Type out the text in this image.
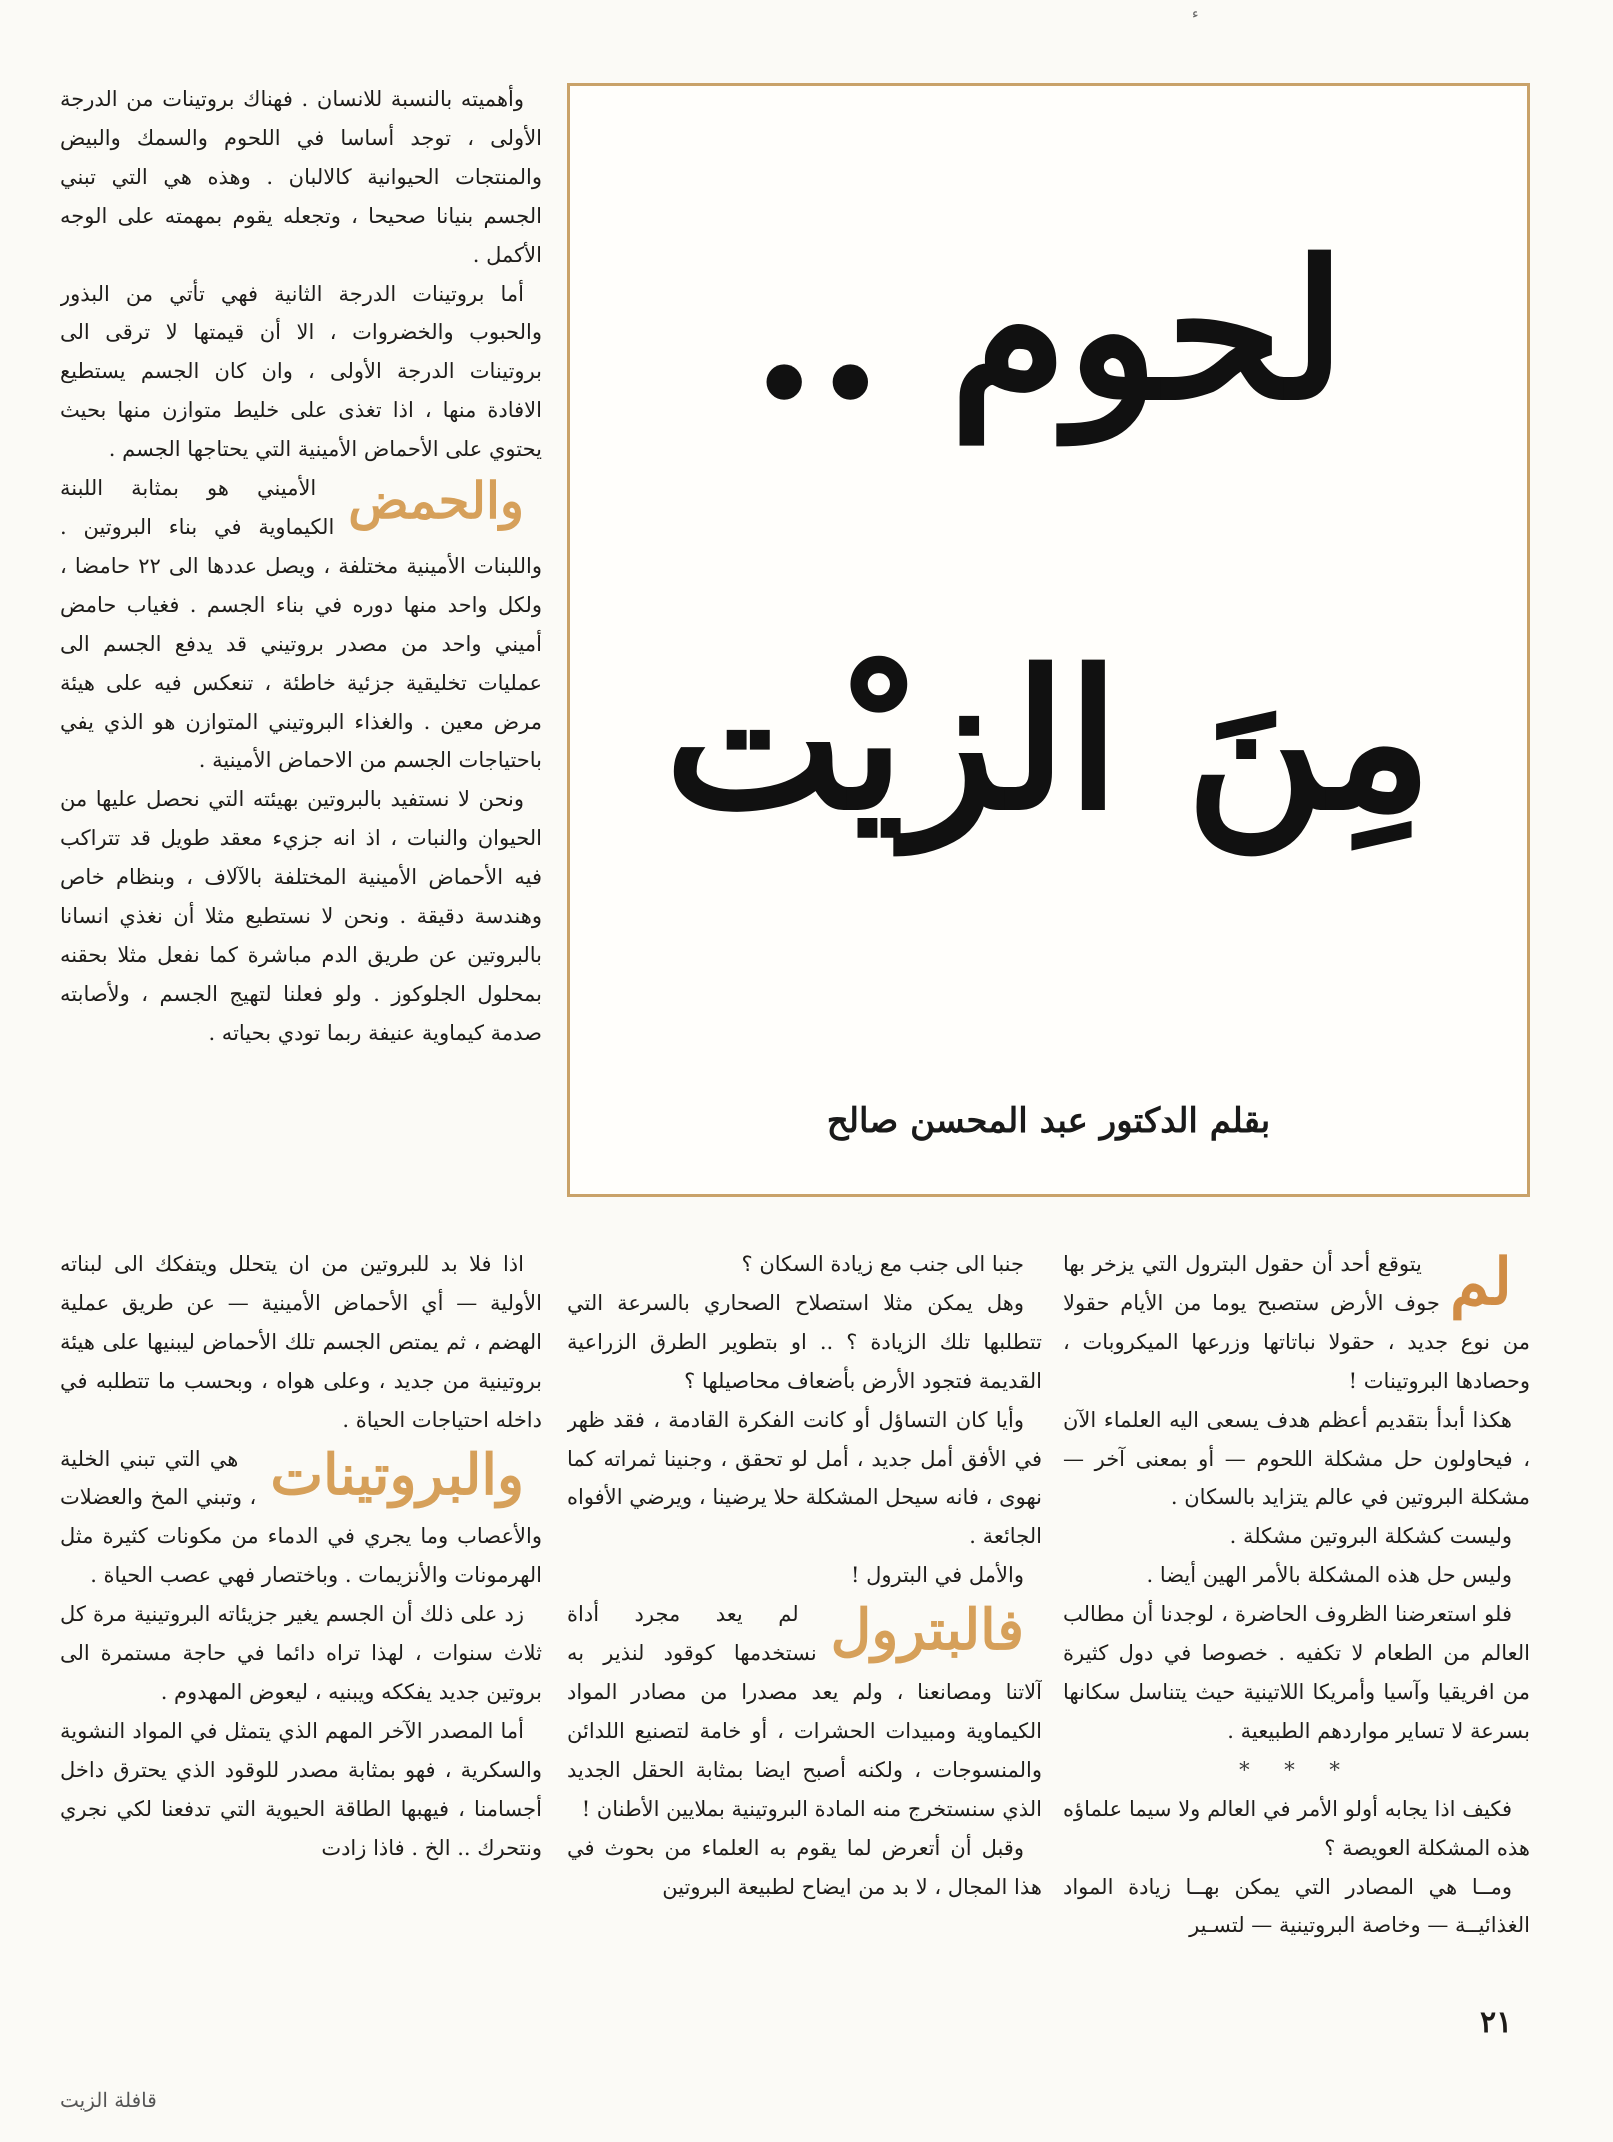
ء

وأهميته بالنسبة للانسان . فهناك بروتينات من الدرجة الأولى ، توجد أساسا في اللحوم والسمك والبيض والمنتجات الحيوانية كالالبان . وهذه هي التي تبني الجسم بنيانا صحيحا ، وتجعله يقوم بمهمته على الوجه الأكمل .

أما بروتينات الدرجة الثانية فهي تأتي من البذور والحبوب والخضروات ، الا أن قيمتها لا ترقى الى بروتينات الدرجة الأولى ، وان كان الجسم يستطيع الافادة منها ، اذا تغذى على خليط متوازن منها بحيث يحتوي على الأحماض الأمينية التي يحتاجها الجسم .

والحمض
الأميني هو بمثابة اللبنة الكيماوية في بناء البروتين . واللبنات الأمينية مختلفة ، ويصل عددها الى ٢٢ حامضا ، ولكل واحد منها دوره في بناء الجسم . فغياب حامض أميني واحد من مصدر بروتيني قد يدفع الجسم الى عمليات تخليقية جزئية خاطئة ، تنعكس فيه على هيئة مرض معين . والغذاء البروتيني المتوازن هو الذي يفي باحتياجات الجسم من الاحماض الأمينية .

ونحن لا نستفيد بالبروتين بهيئته التي نحصل عليها من الحيوان والنبات ، اذ انه جزيء معقد طويل قد تتراكب فيه الأحماض الأمينية المختلفة بالآلاف ، وبنظام خاص وهندسة دقيقة . ونحن لا نستطيع مثلا أن نغذي انسانا بالبروتين عن طريق الدم مباشرة كما نفعل مثلا بحقنه بمحلول الجلوكوز . ولو فعلنا لتهيج الجسم ، ولأصابته صدمة كيماوية عنيفة ربما تودي بحياته .

لحوم ..
مِنَ الزيْت
بقلم الدكتور عبد المحسن صالح

اذا فلا بد للبروتين من ان يتحلل ويتفكك الى لبناته الأولية — أي الأحماض الأمينية — عن طريق عملية الهضم ، ثم يمتص الجسم تلك الأحماض ليبنيها على هيئة بروتينية من جديد ، وعلى هواه ، وبحسب ما تتطلبه في داخله احتياجات الحياة .

والبروتينات
هي التي تبني الخلية ، وتبني المخ والعضلات والأعصاب وما يجري في الدماء من مكونات كثيرة مثل الهرمونات والأنزيمات . وباختصار فهي عصب الحياة .

زد على ذلك أن الجسم يغير جزيئاته البروتينية مرة كل ثلاث سنوات ، لهذا تراه دائما في حاجة مستمرة الى بروتين جديد يفككه ويبنيه ، ليعوض المهدوم .

أما المصدر الآخر المهم الذي يتمثل في المواد النشوية والسكرية ، فهو بمثابة مصدر للوقود الذي يحترق داخل أجسامنا ، فيهبها الطاقة الحيوية التي تدفعنا لكي نجري ونتحرك .. الخ . فاذا زادت

جنبا الى جنب مع زيادة السكان ؟

وهل يمكن مثلا استصلاح الصحاري بالسرعة التي تتطلبها تلك الزيادة ؟ .. او بتطوير الطرق الزراعية القديمة فتجود الأرض بأضعاف محاصيلها ؟

وأيا كان التساؤل أو كانت الفكرة القادمة ، فقد ظهر في الأفق أمل جديد ، أمل لو تحقق ، وجنينا ثمراته كما نهوى ، فانه سيحل المشكلة حلا يرضينا ، ويرضي الأفواه الجائعة .

والأمل في البترول !

فالبترول
لم يعد مجرد أداة نستخدمها كوقود لنذير به آلاتنا ومصانعنا ، ولم يعد مصدرا من مصادر المواد الكيماوية ومبيدات الحشرات ، أو خامة لتصنيع اللدائن والمنسوجات ، ولكنه أصبح ايضا بمثابة الحقل الجديد الذي سنستخرج منه المادة البروتينية بملايين الأطنان !

وقبل أن أتعرض لما يقوم به العلماء من بحوث في هذا المجال ، لا بد من ايضاح لطبيعة البروتين

لم
يتوقع أحد أن حقول البترول التي يزخر بها جوف الأرض ستصبح يوما من الأيام حقولا من نوع جديد ، حقولا نباتاتها وزرعها الميكروبات ، وحصادها البروتينات !

هكذا أبدأ بتقديم أعظم هدف يسعى اليه العلماء الآن ، فيحاولون حل مشكلة اللحوم — أو بمعنى آخر — مشكلة البروتين في عالم يتزايد بالسكان .

وليست كشكلة البروتين مشكلة .

وليس حل هذه المشكلة بالأمر الهين أيضا .

فلو استعرضنا الظروف الحاضرة ، لوجدنا أن مطالب العالم من الطعام لا تكفيه . خصوصا في دول كثيرة من افريقيا وآسيا وأمريكا اللاتينية حيث يتناسل سكانها بسرعة لا تساير مواردهم الطبيعية .

* * *

فكيف اذا يجابه أولو الأمر في العالم ولا سيما علماؤه هذه المشكلة العويصة ؟

ومــا هي المصادر التي يمكن بهــا زيادة المواد الغذائيــة — وخاصة البروتينية — لتسـير

٢١
قافلة الزيت
